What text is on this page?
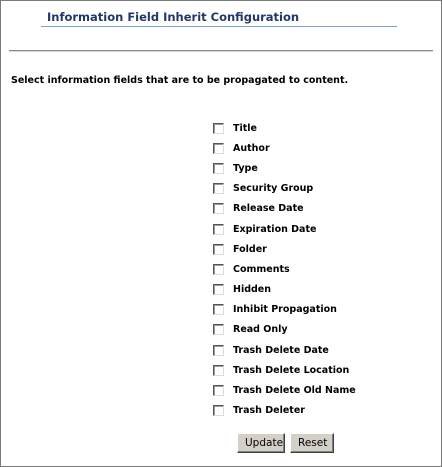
Information Field Inherit Configuration
Select information fields that are to be propagated to content.
Title
Author
Type
Security Group
Release Date
Expiration Date
Folder
Comments
Hidden
Inhibit Propagation
Read Only
Trash Delete Date
Trash Delete Location
Trash Delete Old Name
Trash Deleter
Update	Reset
